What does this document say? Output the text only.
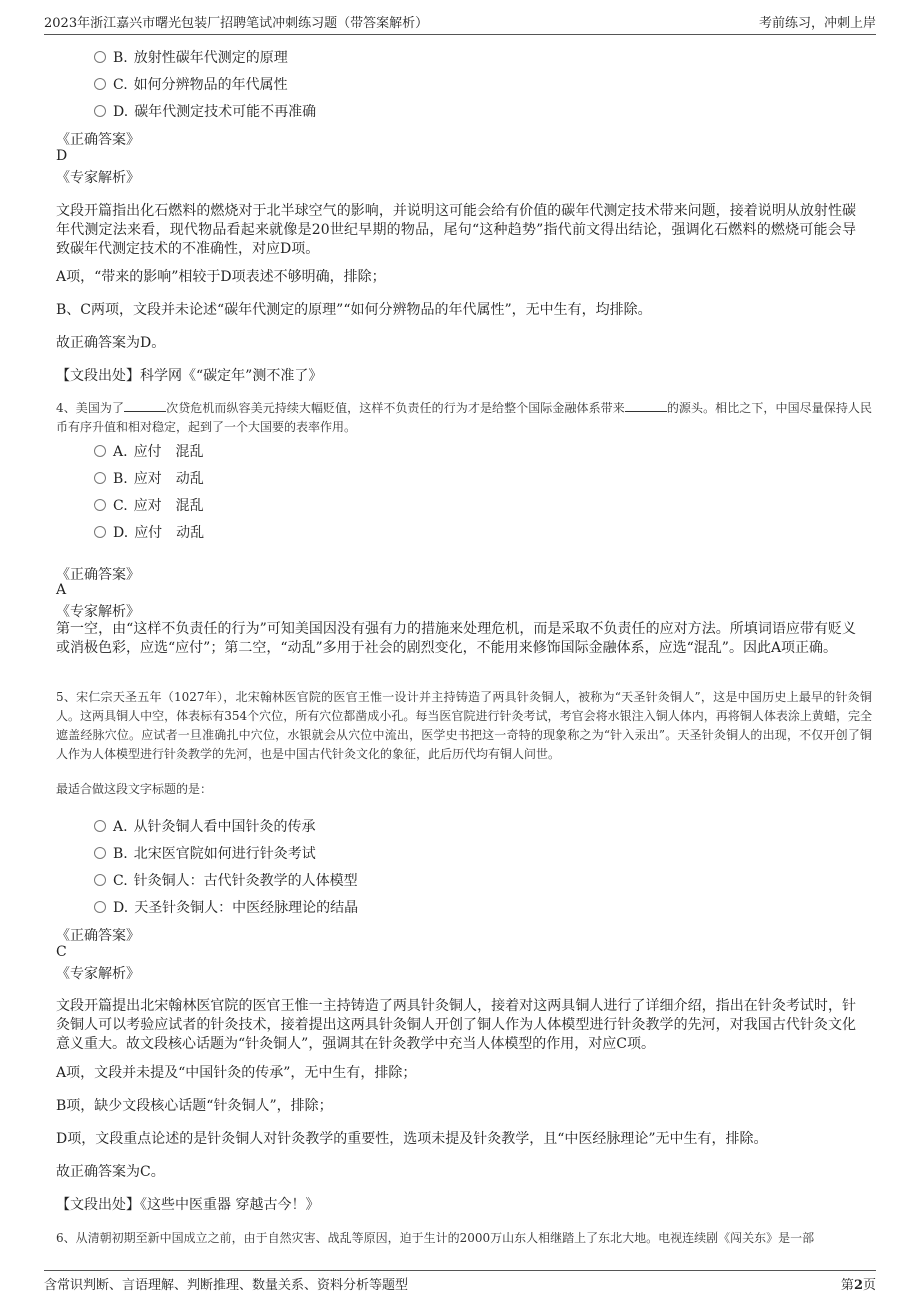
2023年浙江嘉兴市曙光包装厂招聘笔试冲刺练习题（带答案解析）	考前练习，冲刺上岸
B. 放射性碳年代测定的原理
C. 如何分辨物品的年代属性
D. 碳年代测定技术可能不再准确
《正确答案》
D
《专家解析》
文段开篇指出化石燃料的燃烧对于北半球空气的影响，并说明这可能会给有价值的碳年代测定技术带来问题，接着说明从放射性碳年代测定法来看，现代物品看起来就像是20世纪早期的物品，尾句“这种趋势”指代前文得出结论，强调化石燃料的燃烧可能会导致碳年代测定技术的不准确性，对应D项。
A项，“带来的影响”相较于D项表述不够明确，排除；
B、C两项，文段并未论述“碳年代测定的原理”“如何分辨物品的年代属性”，无中生有，均排除。
故正确答案为D。
【文段出处】科学网《“碳定年”测不准了》
4、美国为了	次贷危机而纵容美元持续大幅贬值，这样不负责任的行为才是给整个国际金融体系带来	的源头。相比之下，中国尽量保持人民币有序升值和相对稳定，起到了一个大国要的表率作用。
A. 应付　混乱
B. 应对　动乱
C. 应对　混乱
D. 应付　动乱
《正确答案》
A
《专家解析》
第一空，由“这样不负责任的行为”可知美国因没有强有力的措施来处理危机，而是采取不负责任的应对方法。所填词语应带有贬义或消极色彩，应选“应付”；第二空，“动乱”多用于社会的剧烈变化，不能用来修饰国际金融体系，应选“混乱”。因此A项正确。
5、宋仁宗天圣五年（1027年），北宋翰林医官院的医官王惟一设计并主持铸造了两具针灸铜人，被称为“天圣针灸铜人”，这是中国历史上最早的针灸铜人。这两具铜人中空，体表标有354个穴位，所有穴位都凿成小孔。每当医官院进行针灸考试，考官会将水银注入铜人体内，再将铜人体表涂上黄蜡，完全遮盖经脉穴位。应试者一旦准确扎中穴位，水银就会从穴位中流出，医学史书把这一奇特的现象称之为“针入汞出”。天圣针灸铜人的出现，不仅开创了铜人作为人体模型进行针灸教学的先河，也是中国古代针灸文化的象征，此后历代均有铜人问世。
最适合做这段文字标题的是：
A. 从针灸铜人看中国针灸的传承
B. 北宋医官院如何进行针灸考试
C. 针灸铜人：古代针灸教学的人体模型
D. 天圣针灸铜人：中医经脉理论的结晶
《正确答案》
C
《专家解析》
文段开篇提出北宋翰林医官院的医官王惟一主持铸造了两具针灸铜人，接着对这两具铜人进行了详细介绍，指出在针灸考试时，针灸铜人可以考验应试者的针灸技术，接着提出这两具针灸铜人开创了铜人作为人体模型进行针灸教学的先河，对我国古代针灸文化意义重大。故文段核心话题为“针灸铜人”，强调其在针灸教学中充当人体模型的作用，对应C项。
A项，文段并未提及“中国针灸的传承”，无中生有，排除；
B项，缺少文段核心话题“针灸铜人”，排除；
D项，文段重点论述的是针灸铜人对针灸教学的重要性，选项未提及针灸教学，且“中医经脉理论”无中生有，排除。
故正确答案为C。
【文段出处】《这些中医重器 穿越古今！》
6、从清朝初期至新中国成立之前，由于自然灾害、战乱等原因，迫于生计的2000万山东人相继踏上了东北大地。电视连续剧《闯关东》是一部
含常识判断、言语理解、判断推理、数量关系、资料分析等题型	第2页
